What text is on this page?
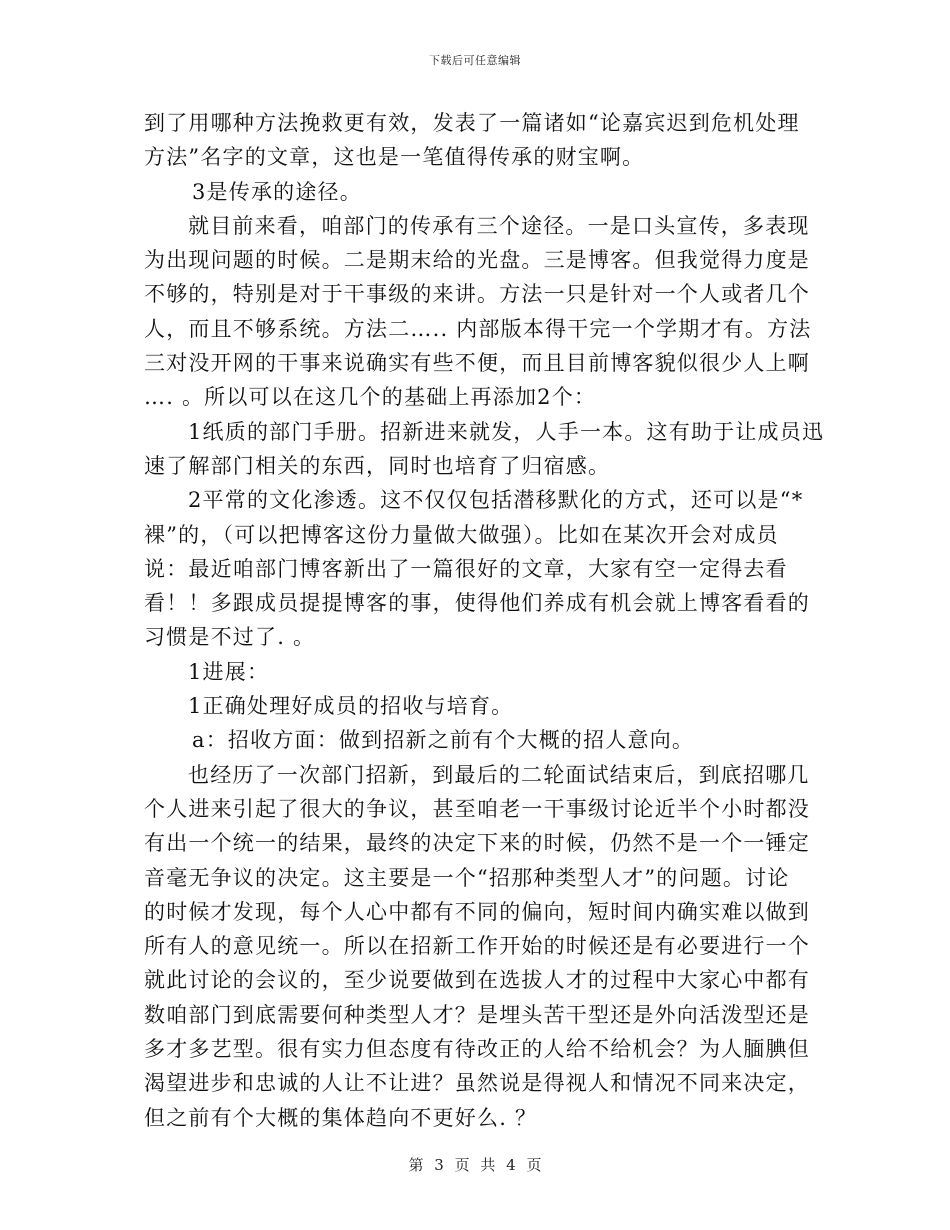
下载后可任意编辑
到了用哪种方法挽救更有效，发表了一篇诸如“论嘉宾迟到危机处理
方法”名字的文章，这也是一笔值得传承的财宝啊。
3是传承的途径。
就目前来看，咱部门的传承有三个途径。一是口头宣传，多表现
为出现问题的时候。二是期末给的光盘。三是博客。但我觉得力度是
不够的，特别是对于干事级的来讲。方法一只是针对一个人或者几个
人，而且不够系统。方法二….. 内部版本得干完一个学期才有。方法
三对没开网的干事来说确实有些不便，而且目前博客貌似很少人上啊
…. 。所以可以在这几个的基础上再添加2个：
1纸质的部门手册。招新进来就发，人手一本。这有助于让成员迅
速了解部门相关的东西，同时也培育了归宿感。
2平常的文化渗透。这不仅仅包括潜移默化的方式，还可以是“*
裸”的，（可以把博客这份力量做大做强）。比如在某次开会对成员
说：最近咱部门博客新出了一篇很好的文章，大家有空一定得去看
看！！多跟成员提提博客的事，使得他们养成有机会就上博客看看的
习惯是不过了. 。
1进展：
1正确处理好成员的招收与培育。
a：招收方面：做到招新之前有个大概的招人意向。
也经历了一次部门招新，到最后的二轮面试结束后，到底招哪几
个人进来引起了很大的争议，甚至咱老一干事级讨论近半个小时都没
有出一个统一的结果，最终的决定下来的时候，仍然不是一个一锤定
音毫无争议的决定。这主要是一个“招那种类型人才”的问题。讨论
的时候才发现，每个人心中都有不同的偏向，短时间内确实难以做到
所有人的意见统一。所以在招新工作开始的时候还是有必要进行一个
就此讨论的会议的，至少说要做到在选拔人才的过程中大家心中都有
数咱部门到底需要何种类型人才？是埋头苦干型还是外向活泼型还是
多才多艺型。很有实力但态度有待改正的人给不给机会？为人腼腆但
渴望进步和忠诚的人让不让进？虽然说是得视人和情况不同来决定，
但之前有个大概的集体趋向不更好么. ？
第 3 页 共 4 页
